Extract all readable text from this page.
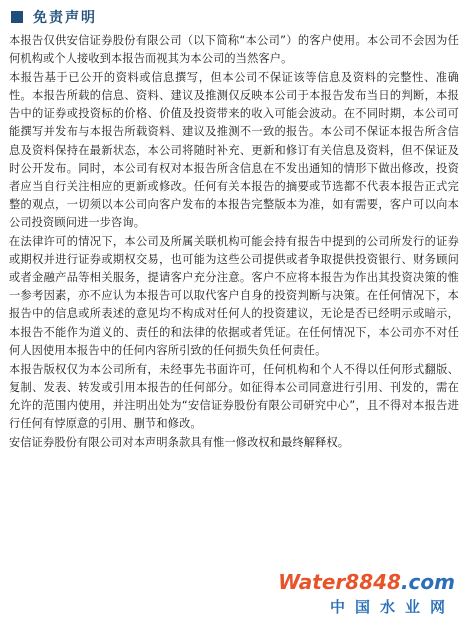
免责声明

本报告仅供安信证券股份有限公司（以下简称“本公司”）的客户使用。本公司不会因为任何机构或个人接收到本报告而视其为本公司的当然客户。

本报告基于已公开的资料或信息撰写，但本公司不保证该等信息及资料的完整性、准确性。本报告所载的信息、资料、建议及推测仅反映本公司于本报告发布当日的判断，本报告中的证券或投资标的价格、价值及投资带来的收入可能会波动。在不同时期，本公司可能撰写并发布与本报告所载资料、建议及推测不一致的报告。本公司不保证本报告所含信息及资料保持在最新状态，本公司将随时补充、更新和修订有关信息及资料，但不保证及时公开发布。同时，本公司有权对本报告所含信息在不发出通知的情形下做出修改，投资者应当自行关注相应的更新或修改。任何有关本报告的摘要或节选都不代表本报告正式完整的观点，一切须以本公司向客户发布的本报告完整版本为准，如有需要，客户可以向本公司投资顾问进一步咨询。

在法律许可的情况下，本公司及所属关联机构可能会持有报告中提到的公司所发行的证券或期权并进行证券或期权交易，也可能为这些公司提供或者争取提供投资银行、财务顾问或者金融产品等相关服务，提请客户充分注意。客户不应将本报告为作出其投资决策的惟一参考因素，亦不应认为本报告可以取代客户自身的投资判断与决策。在任何情况下，本报告中的信息或所表述的意见均不构成对任何人的投资建议，无论是否已经明示或暗示，本报告不能作为道义的、责任的和法律的依据或者凭证。在任何情况下，本公司亦不对任何人因使用本报告中的任何内容所引致的任何损失负任何责任。

本报告版权仅为本公司所有，未经事先书面许可，任何机构和个人不得以任何形式翻版、复制、发表、转发或引用本报告的任何部分。如征得本公司同意进行引用、刊发的，需在允许的范围内使用，并注明出处为“安信证券股份有限公司研究中心”，且不得对本报告进行任何有悖原意的引用、删节和修改。

安信证券股份有限公司对本声明条款具有惟一修改权和最终解释权。

Water8848.com
中国水业网
